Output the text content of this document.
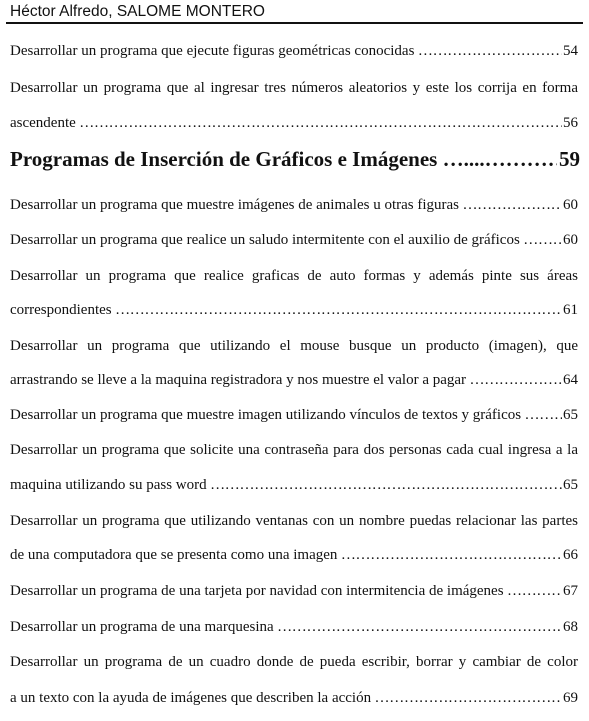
Héctor Alfredo, SALOME MONTERO
Desarrollar un programa que ejecute figuras geométricas conocidas …………………………………………………………………………………………………………………………………………………………………………………………	54
Desarrollar un programa que al ingresar tres números aleatorios y este los corrija en forma
ascendente …………………………………………………………………………………………………………………………………………………………………………………………	56
Programas de Inserción de Gráficos e Imágenes …....…………………………………………………	59
Desarrollar un programa que muestre imágenes de animales u otras figuras …………………………………………………………………………………………………………………………………………………………………………………………	60
Desarrollar un programa que realice un saludo intermitente con el auxilio de gráficos …………………………………………………………………………………………………………………………………………………………………………………………	60
Desarrollar un programa que realice graficas de auto formas y además pinte sus áreas
correspondientes …………………………………………………………………………………………………………………………………………………………………………………………	61
Desarrollar un programa que utilizando el mouse busque un producto (imagen), que
arrastrando se lleve a la maquina registradora y nos muestre el valor a pagar …………………………………………………………………………………………………………………………………………………………………………………………	64
Desarrollar un programa que muestre imagen utilizando vínculos de textos y gráficos …………………………………………………………………………………………………………………………………………………………………………………………	65
Desarrollar un programa que solicite una contraseña para dos personas cada cual ingresa a la
maquina utilizando su pass word …………………………………………………………………………………………………………………………………………………………………………………………	65
Desarrollar un programa que utilizando ventanas con un nombre puedas relacionar las partes
de una computadora que se presenta como una imagen …………………………………………………………………………………………………………………………………………………………………………………………	66
Desarrollar un programa de una tarjeta por navidad con intermitencia de imágenes …………………………………………………………………………………………………………………………………………………………………………………………	67
Desarrollar un programa de una marquesina …………………………………………………………………………………………………………………………………………………………………………………………	68
Desarrollar un programa de un cuadro donde de pueda escribir, borrar y cambiar de color
a un texto con la ayuda de imágenes que describen la acción …………………………………………………………………………………………………………………………………………………………………………………………	69
